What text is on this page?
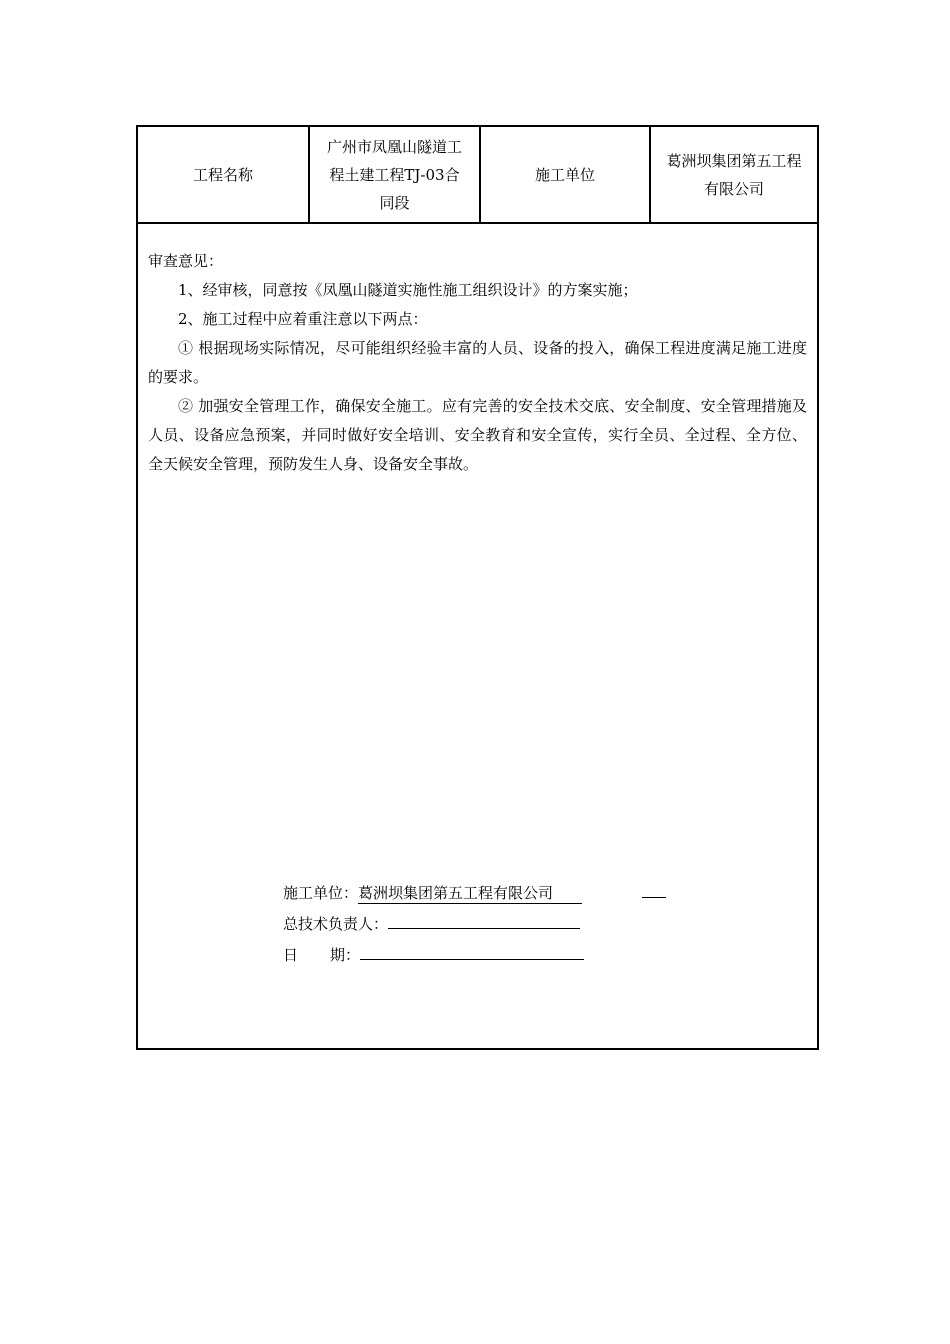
工程名称
广州市凤凰山隧道工
程土建工程TJ-03合
同段
施工单位
葛洲坝集团第五工程
有限公司

审查意见：

1、经审核，同意按《凤凰山隧道实施性施工组织设计》的方案实施；

2、施工过程中应着重注意以下两点：

① 根据现场实际情况，尽可能组织经验丰富的人员、设备的投入，确保工程进度满足施工进度的要求。

② 加强安全管理工作，确保安全施工。应有完善的安全技术交底、安全制度、安全管理措施及人员、设备应急预案，并同时做好安全培训、安全教育和安全宣传，实行全员、全过程、全方位、全天候安全管理，预防发生人身、设备安全事故。

施工单位：葛洲坝集团第五工程有限公司
总技术负责人：
日 期：
